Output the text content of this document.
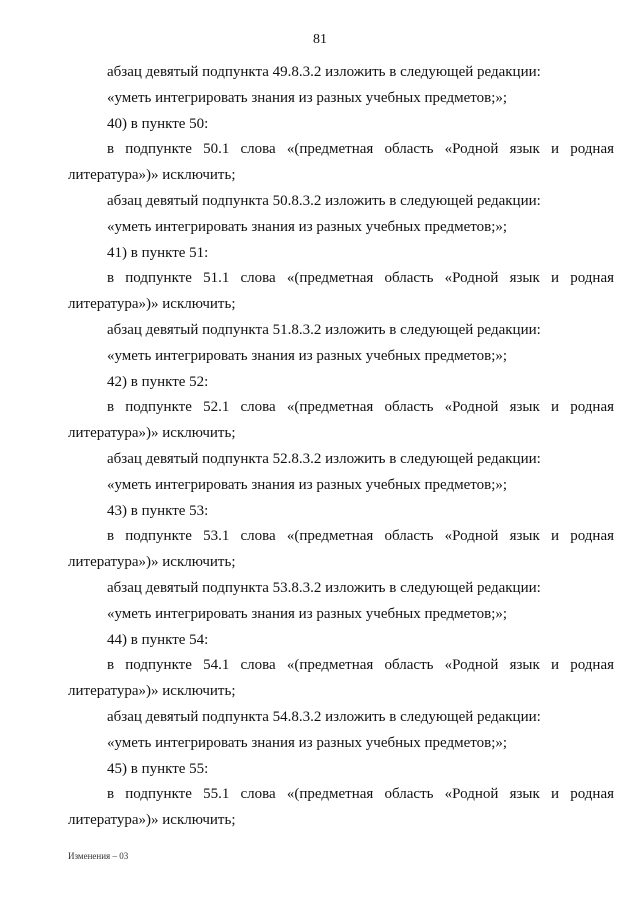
81

абзац девятый подпункта 49.8.3.2 изложить в следующей редакции:

«уметь интегрировать знания из разных учебных предметов;»;

40) в пункте 50:

в подпункте 50.1 слова «(предметная область «Родной язык и родная
литература»)» исключить;

абзац девятый подпункта 50.8.3.2 изложить в следующей редакции:

«уметь интегрировать знания из разных учебных предметов;»;

41) в пункте 51:

в подпункте 51.1 слова «(предметная область «Родной язык и родная
литература»)» исключить;

абзац девятый подпункта 51.8.3.2 изложить в следующей редакции:

«уметь интегрировать знания из разных учебных предметов;»;

42) в пункте 52:

в подпункте 52.1 слова «(предметная область «Родной язык и родная
литература»)» исключить;

абзац девятый подпункта 52.8.3.2 изложить в следующей редакции:

«уметь интегрировать знания из разных учебных предметов;»;

43) в пункте 53:

в подпункте 53.1 слова «(предметная область «Родной язык и родная
литература»)» исключить;

абзац девятый подпункта 53.8.3.2 изложить в следующей редакции:

«уметь интегрировать знания из разных учебных предметов;»;

44) в пункте 54:

в подпункте 54.1 слова «(предметная область «Родной язык и родная
литература»)» исключить;

абзац девятый подпункта 54.8.3.2 изложить в следующей редакции:

«уметь интегрировать знания из разных учебных предметов;»;

45) в пункте 55:

в подпункте 55.1 слова «(предметная область «Родной язык и родная
литература»)» исключить;

Изменения – 03
